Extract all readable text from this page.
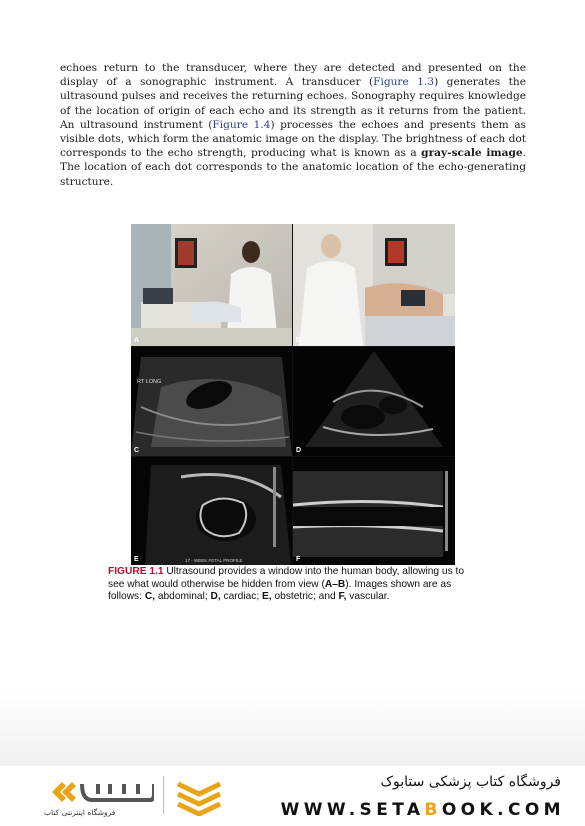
echoes return to the transducer, where they are detected and presented on the display of a sonographic instrument. A transducer (Figure 1.3) generates the ultrasound pulses and receives the returning echoes. Sonography requires knowledge of the location of origin of each echo and its strength as it returns from the patient. An ultrasound instrument (Figure 1.4) processes the echoes and presents them as visible dots, which form the anatomic image on the display. The brightness of each dot corresponds to the echo strength, producing what is known as a gray-scale image. The location of each dot corresponds to the anatomic location of the echo-generating structure.
A	B
RT LONG
C	D
17 - WEEK FETAL PROFILE
E	F
FIGURE 1.1 Ultrasound provides a window into the human body, allowing us to see what would otherwise be hidden from view (A–B). Images shown are as follows: C, abdominal; D, cardiac; E, obstetric; and F, vascular.
فروشگاه اینترنتی کتاب
فروشگاه کتاب پزشکی ستابوک
WWW.SETABOOK.COM
